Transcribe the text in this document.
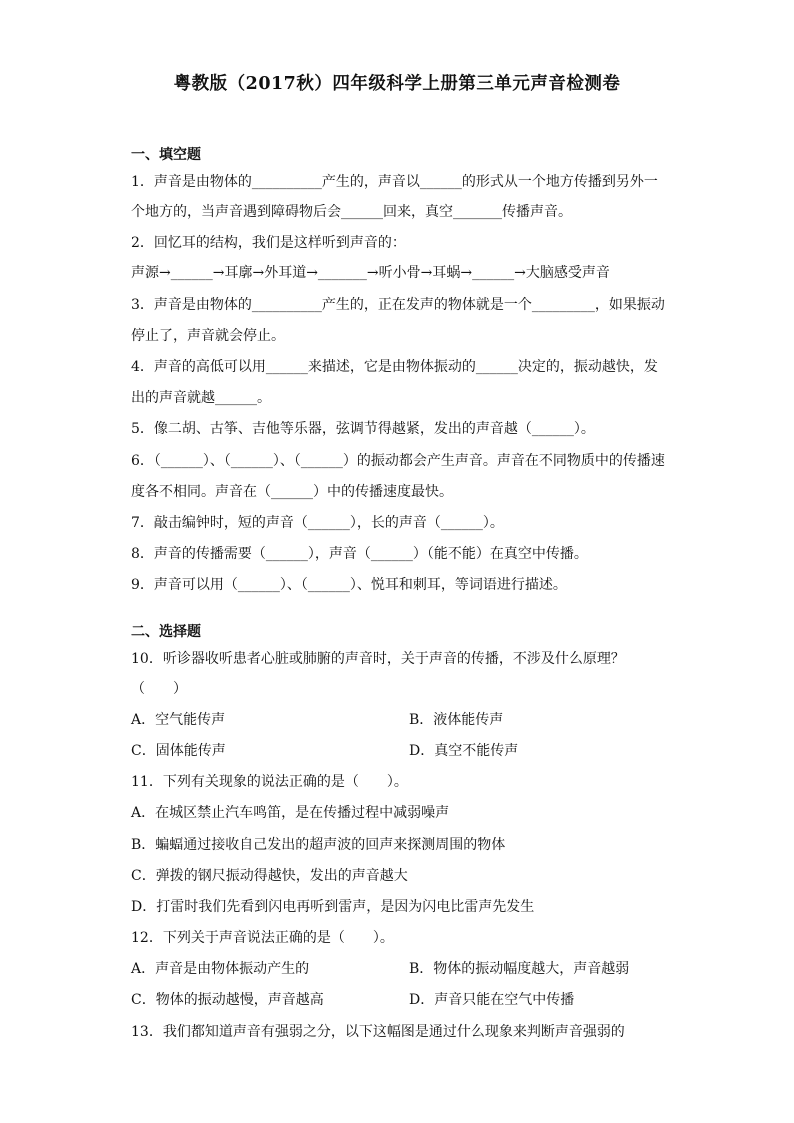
粤教版（2017秋）四年级科学上册第三单元声音检测卷
一、填空题
1．声音是由物体的__________产生的，声音以______的形式从一个地方传播到另外一
个地方的，当声音遇到障碍物后会______回来，真空_______传播声音。
2．回忆耳的结构，我们是这样听到声音的：
声源→______→耳廓→外耳道→_______→听小骨→耳蜗→______→大脑感受声音
3．声音是由物体的__________产生的，正在发声的物体就是一个_________，如果振动
停止了，声音就会停止。
4．声音的高低可以用______来描述，它是由物体振动的______决定的，振动越快，发
出的声音就越______。
5．像二胡、古筝、吉他等乐器，弦调节得越紧，发出的声音越（______）。
6．（______）、（______）、（______）的振动都会产生声音。声音在不同物质中的传播速
度各不相同。声音在（______）中的传播速度最快。
7．敲击编钟时，短的声音（______），长的声音（______）。
8．声音的传播需要（______），声音（______）（能不能）在真空中传播。
9．声音可以用（______）、（______）、悦耳和刺耳，等词语进行描述。
二、选择题
10．听诊器收听患者心脏或肺腑的声音时，关于声音的传播，不涉及什么原理？
（　　）
A．空气能传声	B．液体能传声
C．固体能传声	D．真空不能传声
11．下列有关现象的说法正确的是（　　）。
A．在城区禁止汽车鸣笛，是在传播过程中减弱噪声
B．蝙蝠通过接收自己发出的超声波的回声来探测周围的物体
C．弹拨的钢尺振动得越快，发出的声音越大
D．打雷时我们先看到闪电再听到雷声，是因为闪电比雷声先发生
12．下列关于声音说法正确的是（　　）。
A．声音是由物体振动产生的	B．物体的振动幅度越大，声音越弱
C．物体的振动越慢，声音越高	D．声音只能在空气中传播
13．我们都知道声音有强弱之分，以下这幅图是通过什么现象来判断声音强弱的
